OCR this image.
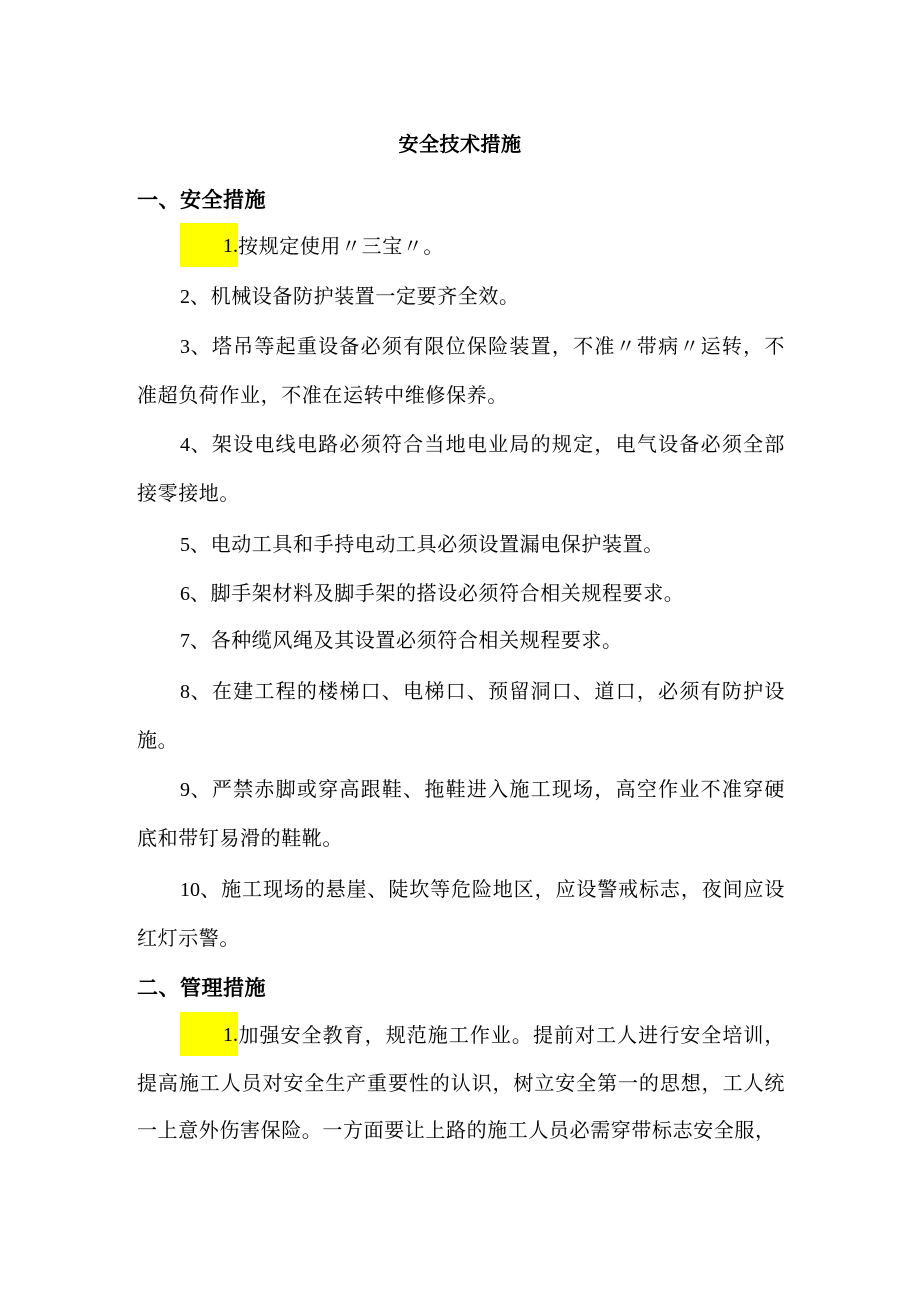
安全技术措施
一、安全措施
1.按规定使用〃三宝〃。
2、机械设备防护装置一定要齐全效。
3、塔吊等起重设备必须有限位保险装置，不准〃带病〃运转，不准超负荷作业，不准在运转中维修保养。
4、架设电线电路必须符合当地电业局的规定，电气设备必须全部接零接地。
5、电动工具和手持电动工具必须设置漏电保护装置。
6、脚手架材料及脚手架的搭设必须符合相关规程要求。
7、各种缆风绳及其设置必须符合相关规程要求。
8、在建工程的楼梯口、电梯口、预留洞口、道口，必须有防护设施。
9、严禁赤脚或穿高跟鞋、拖鞋进入施工现场，高空作业不准穿硬底和带钉易滑的鞋靴。
10、施工现场的悬崖、陡坎等危险地区，应设警戒标志，夜间应设红灯示警。
二、管理措施
1.加强安全教育，规范施工作业。提前对工人进行安全培训，提高施工人员对安全生产重要性的认识，树立安全第一的思想，工人统一上意外伤害保险。一方面要让上路的施工人员必需穿带标志安全服，
